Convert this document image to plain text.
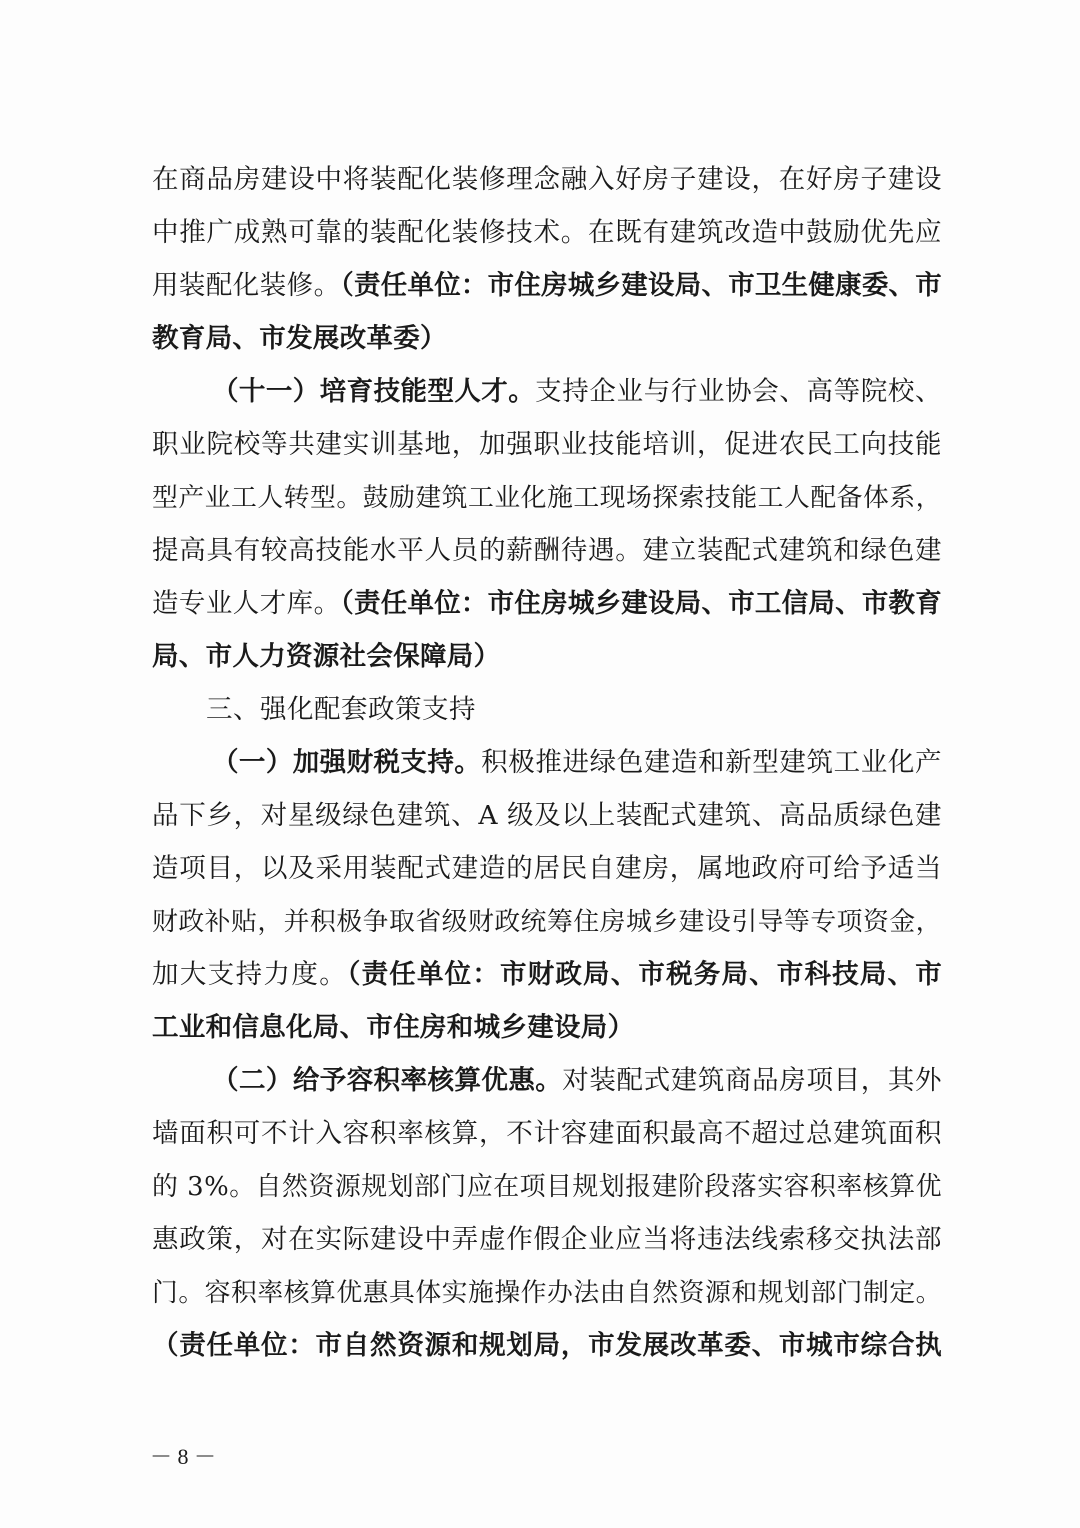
在商品房建设中将装配化装修理念融入好房子建设，在好房子建设
中推广成熟可靠的装配化装修技术。在既有建筑改造中鼓励优先应
用装配化装修。（责任单位：市住房城乡建设局、市卫生健康委、市
教育局、市发展改革委）
（十一）培育技能型人才。支持企业与行业协会、高等院校、
职业院校等共建实训基地，加强职业技能培训，促进农民工向技能
型产业工人转型。鼓励建筑工业化施工现场探索技能工人配备体系，
提高具有较高技能水平人员的薪酬待遇。建立装配式建筑和绿色建
造专业人才库。（责任单位：市住房城乡建设局、市工信局、市教育
局、市人力资源社会保障局）
三、强化配套政策支持
（一）加强财税支持。积极推进绿色建造和新型建筑工业化产
品下乡，对星级绿色建筑、A 级及以上装配式建筑、高品质绿色建
造项目，以及采用装配式建造的居民自建房，属地政府可给予适当
财政补贴，并积极争取省级财政统筹住房城乡建设引导等专项资金，
加大支持力度。（责任单位：市财政局、市税务局、市科技局、市
工业和信息化局、市住房和城乡建设局）
（二）给予容积率核算优惠。对装配式建筑商品房项目，其外
墙面积可不计入容积率核算，不计容建面积最高不超过总建筑面积
的 3%。自然资源规划部门应在项目规划报建阶段落实容积率核算优
惠政策，对在实际建设中弄虚作假企业应当将违法线索移交执法部
门。容积率核算优惠具体实施操作办法由自然资源和规划部门制定。
（责任单位：市自然资源和规划局，市发展改革委、市城市综合执
－ 8 －
